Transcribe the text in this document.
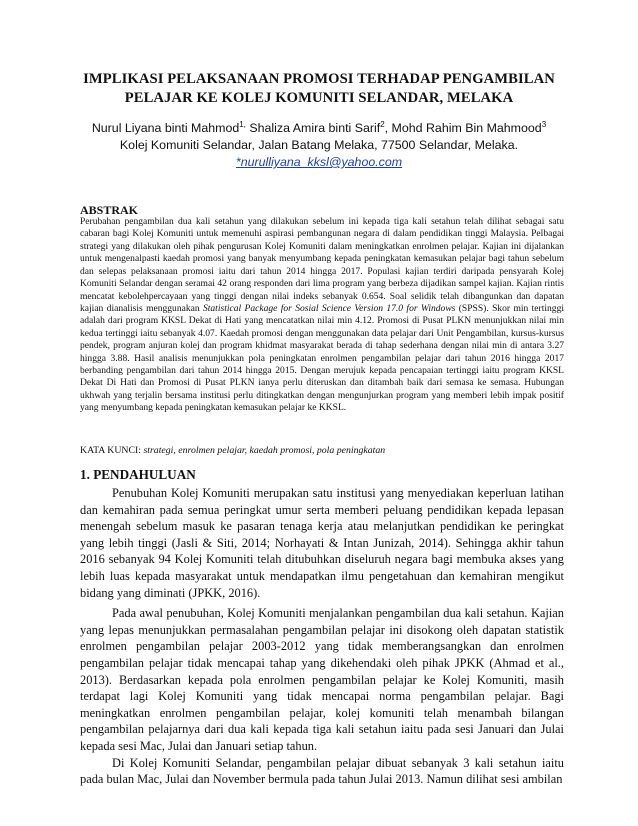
IMPLIKASI PELAKSANAAN PROMOSI TERHADAP PENGAMBILAN
PELAJAR KE KOLEJ KOMUNITI SELANDAR, MELAKA
Nurul Liyana binti Mahmod$^{1,}$ Shaliza Amira binti Sarif$^2$, Mohd Rahim Bin Mahmood$^3$
Kolej Komuniti Selandar, Jalan Batang Melaka, 77500 Selandar, Melaka.
*nurulliyana_kksl@yahoo.com
ABSTRAK

Perubahan pengambilan dua kali setahun yang dilakukan sebelum ini kepada tiga kali setahun telah dilihat sebagai satu cabaran bagi Kolej Komuniti untuk memenuhi aspirasi pembangunan negara di dalam pendidikan tinggi Malaysia. Pelbagai strategi yang dilakukan oleh pihak pengurusan Kolej Komuniti dalam meningkatkan enrolmen pelajar. Kajian ini dijalankan untuk mengenalpasti kaedah promosi yang banyak menyumbang kepada peningkatan kemasukan pelajar bagi tahun sebelum dan selepas pelaksanaan promosi iaitu dari tahun 2014 hingga 2017. Populasi kajian terdiri daripada pensyarah Kolej Komuniti Selandar dengan seramai 42 orang responden dari lima program yang berbeza dijadikan sampel kajian. Kajian rintis mencatat kebolehpercayaan yang tinggi dengan nilai indeks sebanyak 0.654. Soal selidik telah dibangunkan dan dapatan kajian dianalisis menggunakan Statistical Package for Sosial Science Version 17.0 for Windows (SPSS). Skor min tertinggi adalah dari program KKSL Dekat di Hati yang mencatatkan nilai min 4.12. Promosi di Pusat PLKN menunjukkan nilai min kedua tertinggi iaitu sebanyak 4.07. Kaedah promosi dengan menggunakan data pelajar dari Unit Pengambilan, kursus-kursus pendek, program anjuran kolej dan program khidmat masyarakat berada di tahap sederhana dengan nilai min di antara 3.27 hingga 3.88. Hasil analisis menunjukkan pola peningkatan enrolmen pengambilan pelajar dari tahun 2016 hingga 2017 berbanding pengambilan dari tahun 2014 hingga 2015. Dengan merujuk kepada pencapaian tertinggi iaitu program KKSL Dekat Di Hati dan Promosi di Pusat PLKN ianya perlu diteruskan dan ditambah baik dari semasa ke semasa. Hubungan ukhwah yang terjalin bersama institusi perlu ditingkatkan dengan mengunjurkan program yang memberi lebih impak positif yang menyumbang kepada peningkatan kemasukan pelajar ke KKSL.

KATA KUNCI: strategi, enrolmen pelajar, kaedah promosi, pola peningkatan
1. PENDAHULUAN

Penubuhan Kolej Komuniti merupakan satu institusi yang menyediakan keperluan latihan dan kemahiran pada semua peringkat umur serta memberi peluang pendidikan kepada lepasan menengah sebelum masuk ke pasaran tenaga kerja atau melanjutkan pendidikan ke peringkat yang lebih tinggi (Jasli & Siti, 2014; Norhayati & Intan Junizah, 2014). Sehingga akhir tahun 2016 sebanyak 94 Kolej Komuniti telah ditubuhkan diseluruh negara bagi membuka akses yang lebih luas kepada masyarakat untuk mendapatkan ilmu pengetahuan dan kemahiran mengikut bidang yang diminati (JPKK, 2016).

Pada awal penubuhan, Kolej Komuniti menjalankan pengambilan dua kali setahun. Kajian yang lepas menunjukkan permasalahan pengambilan pelajar ini disokong oleh dapatan statistik enrolmen pengambilan pelajar 2003-2012 yang tidak memberangsangkan dan enrolmen pengambilan pelajar tidak mencapai tahap yang dikehendaki oleh pihak JPKK (Ahmad et al., 2013). Berdasarkan kepada pola enrolmen pengambilan pelajar ke Kolej Komuniti, masih terdapat lagi Kolej Komuniti yang tidak mencapai norma pengambilan pelajar. Bagi meningkatkan enrolmen pengambilan pelajar, kolej komuniti telah menambah bilangan pengambilan pelajarnya dari dua kali kepada tiga kali setahun iaitu pada sesi Januari dan Julai kepada sesi Mac, Julai dan Januari setiap tahun.

Di Kolej Komuniti Selandar, pengambilan pelajar dibuat sebanyak 3 kali setahun iaitu pada bulan Mac, Julai dan November bermula pada tahun Julai 2013. Namun dilihat sesi ambilan
